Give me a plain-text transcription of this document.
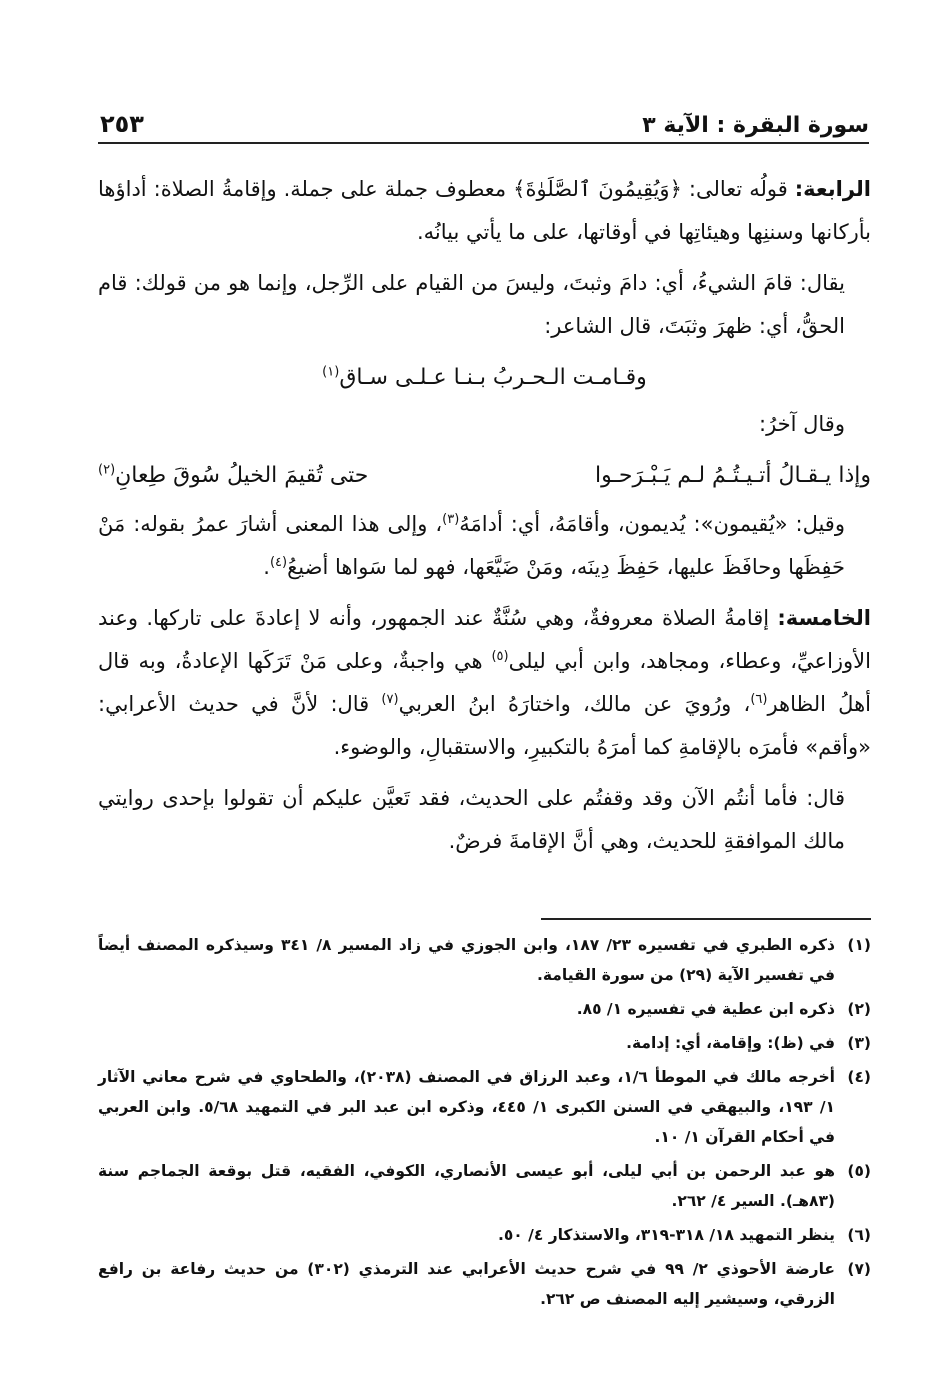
سورة البقرة : الآية ٣
٢٥٣

الرابعة: قولُه تعالى: ﴿وَيُقِيمُونَ ٱلصَّلَوٰةَ﴾ معطوف جملة على جملة. وإقامةُ الصلاة: أداؤها بأركانها وسننِها وهيئاتِها في أوقاتها، على ما يأتي بيانُه.

يقال: قامَ الشيءُ، أي: دامَ وثبتَ، وليسَ من القيام على الرِّجل، وإنما هو من قولك: قام الحقُّ، أي: ظهرَ وثبَتَ، قال الشاعر:

وقـامـت الـحـربُ بـنـا عـلـى سـاق$^{(١)}$

وقال آخرُ:

وإذا يـقـالُ أتـيـتُـمُ لـم يَـبْـرَحـوا
حتى تُقيمَ الخيلُ سُوقَ طِعانِ$^{(٢)}$

وقيل: «يُقيمون»: يُديمون، وأقامَهُ، أي: أدامَهُ$^{(٣)}$، وإلى هذا المعنى أشارَ عمرُ بقوله: مَنْ حَفِظَها وحافَظَ عليها، حَفِظَ دِينَه، ومَنْ ضَيَّعَها، فهو لما سَواها أضيعُ$^{(٤)}$.

الخامسة: إقامةُ الصلاة معروفةٌ، وهي سُنَّةٌ عند الجمهور، وأنه لا إعادةَ على تاركها. وعند الأوزاعيِّ، وعطاء، ومجاهد، وابن أبي ليلى$^{(٥)}$ هي واجبةٌ، وعلى مَنْ تَرَكَها الإعادةُ، وبه قال أهلُ الظاهر$^{(٦)}$، ورُويَ عن مالك، واختارَهُ ابنُ العربي$^{(٧)}$ قال: لأنَّ في حديث الأعرابي: «وأقم» فأمرَه بالإقامةِ كما أمرَهُ بالتكبيرِ، والاستقبالِ، والوضوء.

قال: فأما أنتُم الآن وقد وقفتُم على الحديث، فقد تَعيَّن عليكم أن تقولوا بإحدى روايتي مالك الموافقةِ للحديث، وهي أنَّ الإقامةَ فرضٌ.

(١)
ذكره الطبري في تفسيره ٢٣/ ١٨٧، وابن الجوزي في زاد المسير ٨/ ٣٤١ وسيذكره المصنف أيضاً في تفسير الآية (٢٩) من سورة القيامة.
(٢)
ذكره ابن عطية في تفسيره ١/ ٨٥.
(٣)
في (ظ): وإقامة، أي: إدامة.
(٤)
أخرجه مالك في الموطأ ١/٦، وعبد الرزاق في المصنف (٢٠٣٨)، والطحاوي في شرح معاني الآثار ١/ ١٩٣، والبيهقي في السنن الكبرى ١/ ٤٤٥، وذكره ابن عبد البر في التمهيد ٥/٦٨. وابن العربي في أحكام القرآن ١/ ١٠.
(٥)
هو عبد الرحمن بن أبي ليلى، أبو عيسى الأنصاري، الكوفي، الفقيه، قتل بوقعة الجماجم سنة (٨٣هـ). السير ٤/ ٢٦٢.
(٦)
ينظر التمهيد ١٨/ ٣١٨-٣١٩، والاستذكار ٤/ ٥٠.
(٧)
عارضة الأحوذي ٢/ ٩٩ في شرح حديث الأعرابي عند الترمذي (٣٠٢) من حديث رفاعة بن رافع الزرقي، وسيشير إليه المصنف ص ٢٦٢.
